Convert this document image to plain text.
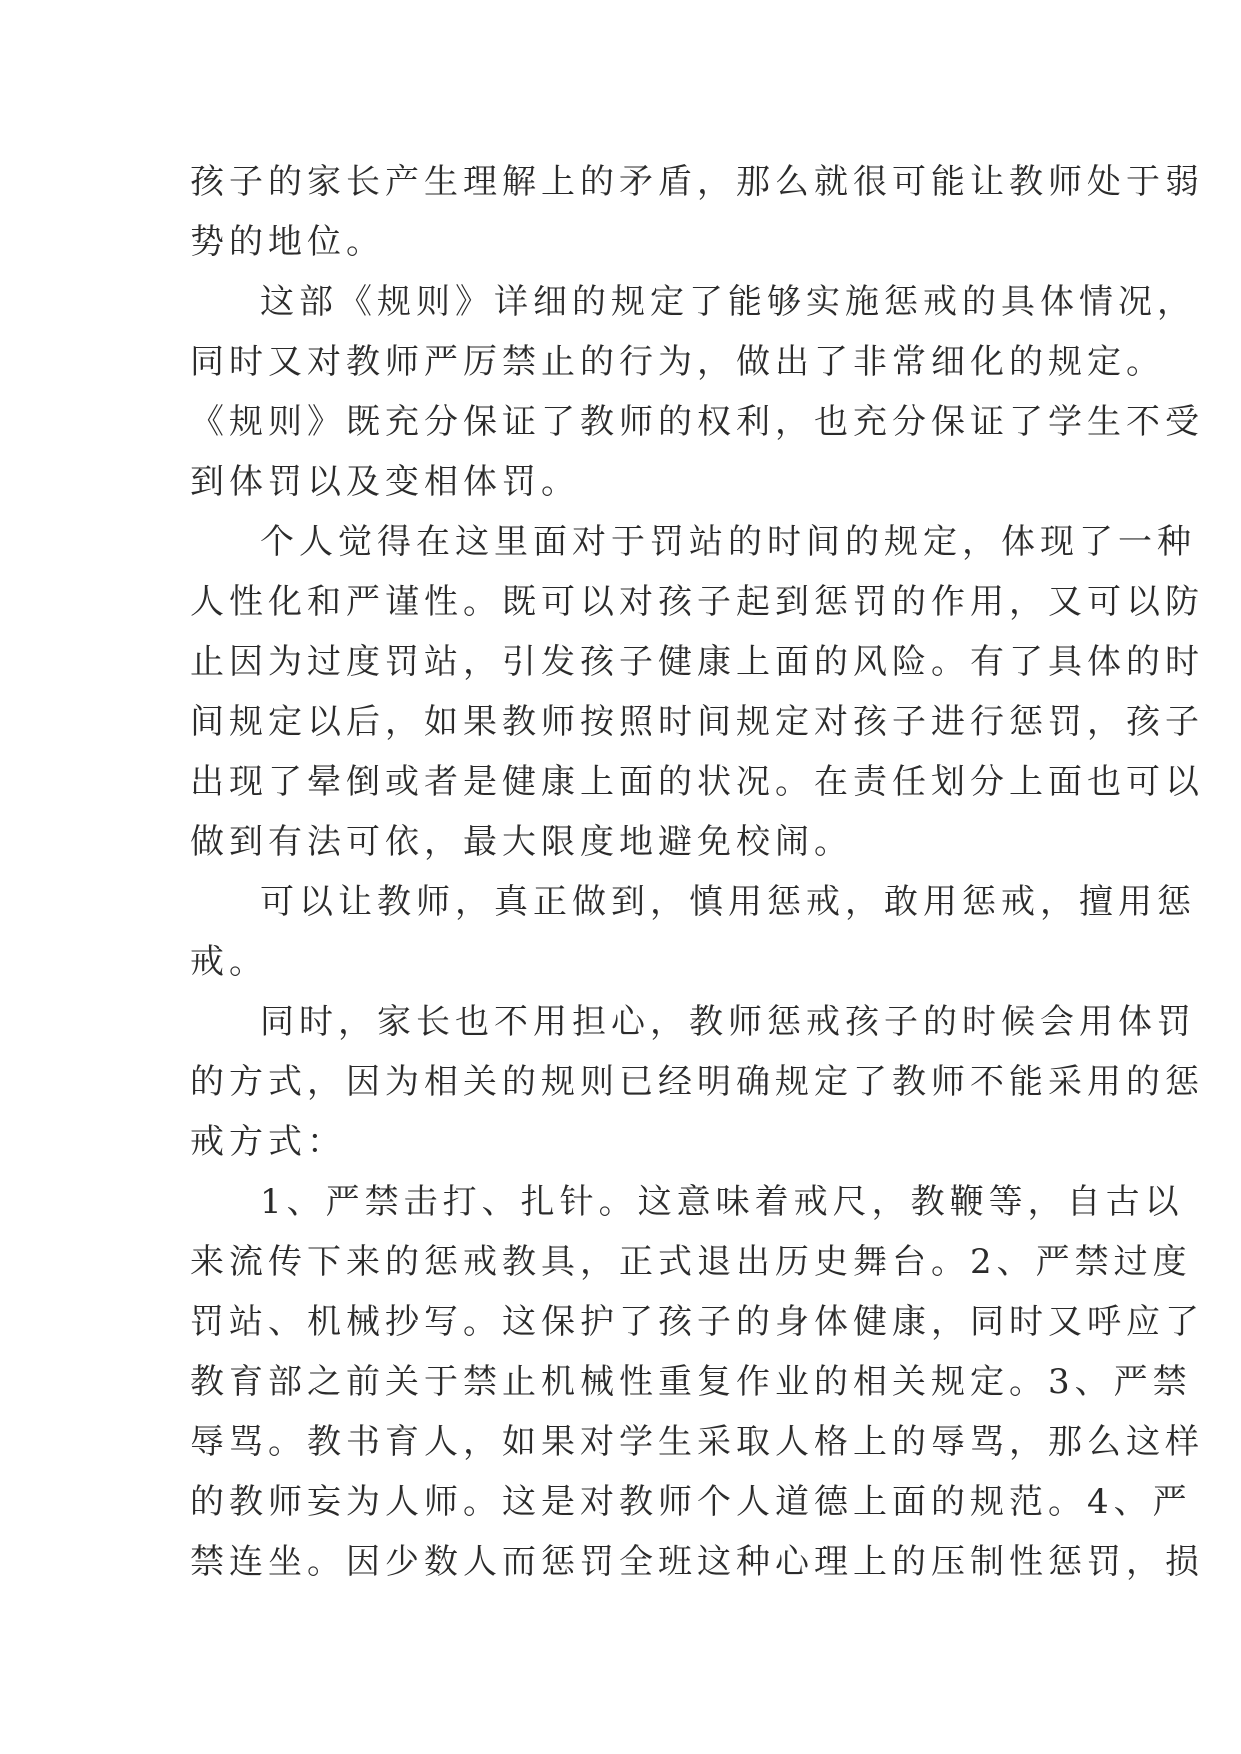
孩子的家长产生理解上的矛盾，那么就很可能让教师处于弱
势的地位。
这部《规则》详细的规定了能够实施惩戒的具体情况，
同时又对教师严厉禁止的行为，做出了非常细化的规定。
《规则》既充分保证了教师的权利，也充分保证了学生不受
到体罚以及变相体罚。
个人觉得在这里面对于罚站的时间的规定，体现了一种
人性化和严谨性。既可以对孩子起到惩罚的作用，又可以防
止因为过度罚站，引发孩子健康上面的风险。有了具体的时
间规定以后，如果教师按照时间规定对孩子进行惩罚，孩子
出现了晕倒或者是健康上面的状况。在责任划分上面也可以
做到有法可依，最大限度地避免校闹。
可以让教师，真正做到，慎用惩戒，敢用惩戒，擅用惩
戒。
同时，家长也不用担心，教师惩戒孩子的时候会用体罚
的方式，因为相关的规则已经明确规定了教师不能采用的惩
戒方式：
1、严禁击打、扎针。这意味着戒尺，教鞭等，自古以
来流传下来的惩戒教具，正式退出历史舞台。2、严禁过度
罚站、机械抄写。这保护了孩子的身体健康，同时又呼应了
教育部之前关于禁止机械性重复作业的相关规定。3、严禁
辱骂。教书育人，如果对学生采取人格上的辱骂，那么这样
的教师妄为人师。这是对教师个人道德上面的规范。4、严
禁连坐。因少数人而惩罚全班这种心理上的压制性惩罚，损
